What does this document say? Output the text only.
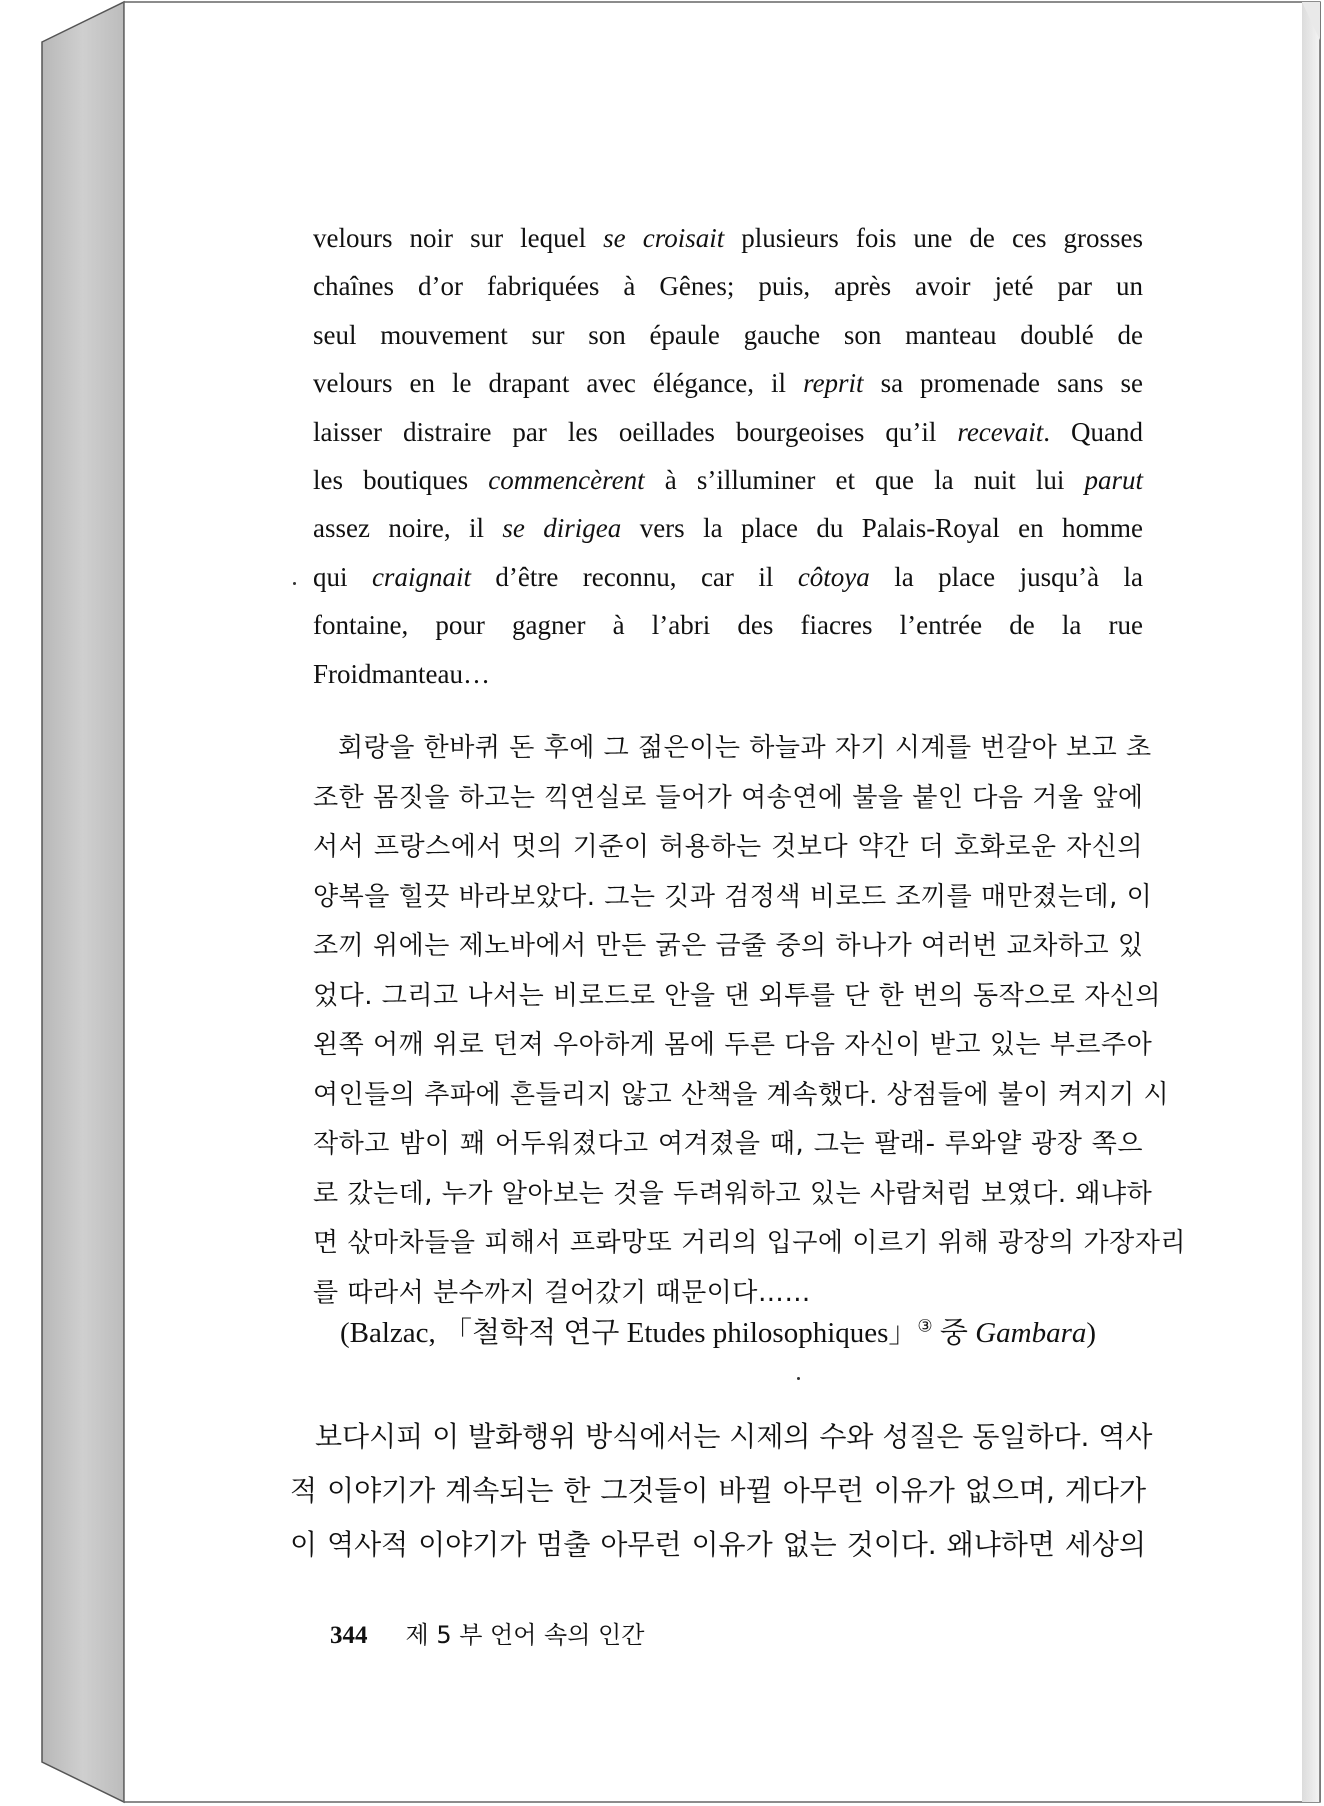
velours noir sur lequel se croisait plusieurs fois une de ces grosses
chaînes d’or fabriquées à Gênes; puis, après avoir jeté par un
seul mouvement sur son épaule gauche son manteau doublé de
velours en le drapant avec élégance, il reprit sa promenade sans se
laisser distraire par les oeillades bourgeoises qu’il recevait. Quand
les boutiques commencèrent à s’illuminer et que la nuit lui parut
assez noire, il se dirigea vers la place du Palais-Royal en homme
qui craignait d’être reconnu, car il côtoya la place jusqu’à la
fontaine, pour gagner à l’abri des fiacres l’entrée de la rue
Froidmanteau…
회랑을 한바퀴 돈 후에 그 젊은이는 하늘과 자기 시계를 번갈아 보고 초
조한 몸짓을 하고는 끽연실로 들어가 여송연에 불을 붙인 다음 거울 앞에
서서 프랑스에서 멋의 기준이 허용하는 것보다 약간 더 호화로운 자신의
양복을 힐끗 바라보았다. 그는 깃과 검정색 비로드 조끼를 매만졌는데, 이
조끼 위에는 제노바에서 만든 굵은 금줄 중의 하나가 여러번 교차하고 있
었다. 그리고 나서는 비로드로 안을 댄 외투를 단 한 번의 동작으로 자신의
왼쪽 어깨 위로 던져 우아하게 몸에 두른 다음 자신이 받고 있는 부르주아
여인들의 추파에 흔들리지 않고 산책을 계속했다. 상점들에 불이 켜지기 시
작하고 밤이 꽤 어두워졌다고 여겨졌을 때, 그는 팔래- 루와얄 광장 쪽으
로 갔는데, 누가 알아보는 것을 두려워하고 있는 사람처럼 보였다. 왜냐하
면 삯마차들을 피해서 프롸망또 거리의 입구에 이르기 위해 광장의 가장자리
를 따라서 분수까지 걸어갔기 때문이다……
(Balzac, 「철학적 연구 Etudes philosophiques」③ 중 Gambara)
보다시피 이 발화행위 방식에서는 시제의 수와 성질은 동일하다. 역사
적 이야기가 계속되는 한 그것들이 바뀔 아무런 이유가 없으며, 게다가
이 역사적 이야기가 멈출 아무런 이유가 없는 것이다. 왜냐하면 세상의
344 제 5 부 언어 속의 인간
